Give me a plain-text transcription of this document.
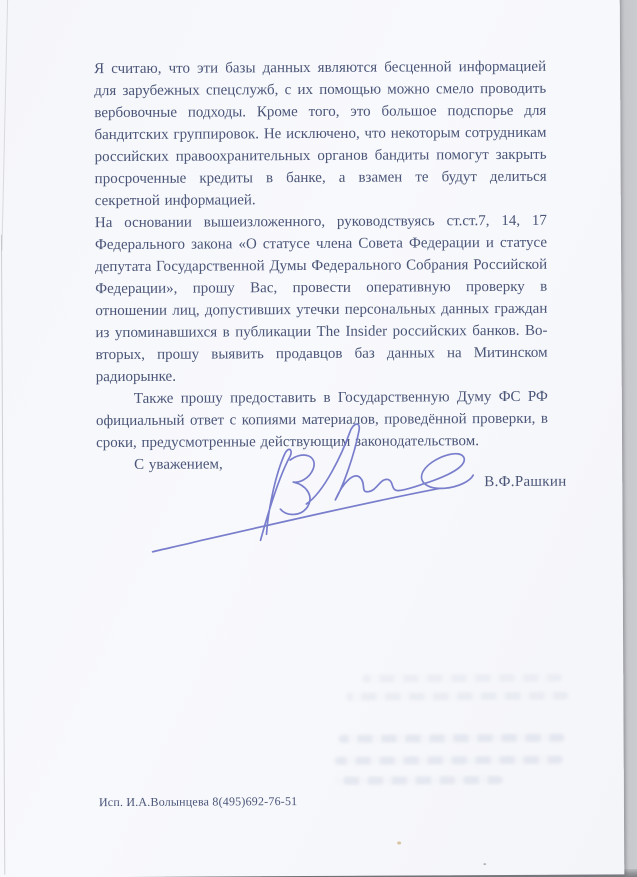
Я считаю, что эти базы данных являются бесценной информацией для зарубежных спецслужб, с их помощью можно смело проводить вербовочные подходы. Кроме того, это большое подспорье для бандитских группировок. Не исключено, что некоторым сотрудникам российских правоохранительных органов бандиты помогут закрыть просроченные кредиты в банке, а взамен те будут делиться секретной информацией.

На основании вышеизложенного, руководствуясь ст.ст.7, 14, 17 Федерального закона «О статусе члена Совета Федерации и статусе депутата Государственной Думы Федерального Собрания Российской Федерации», прошу Вас, провести оперативную проверку в отношении лиц, допустивших утечки персональных данных граждан из упоминавшихся в публикации The Insider российских банков. Во-вторых, прошу выявить продавцов баз данных на Митинском радиорынке.

Также прошу предоставить в Государственную Думу ФС РФ официальный ответ с копиями материалов, проведённой проверки, в сроки, предусмотренные действующим законодательством.

С уважением,

В.Ф.Рашкин
Исп. И.А.Волынцева 8(495)692-76-51
